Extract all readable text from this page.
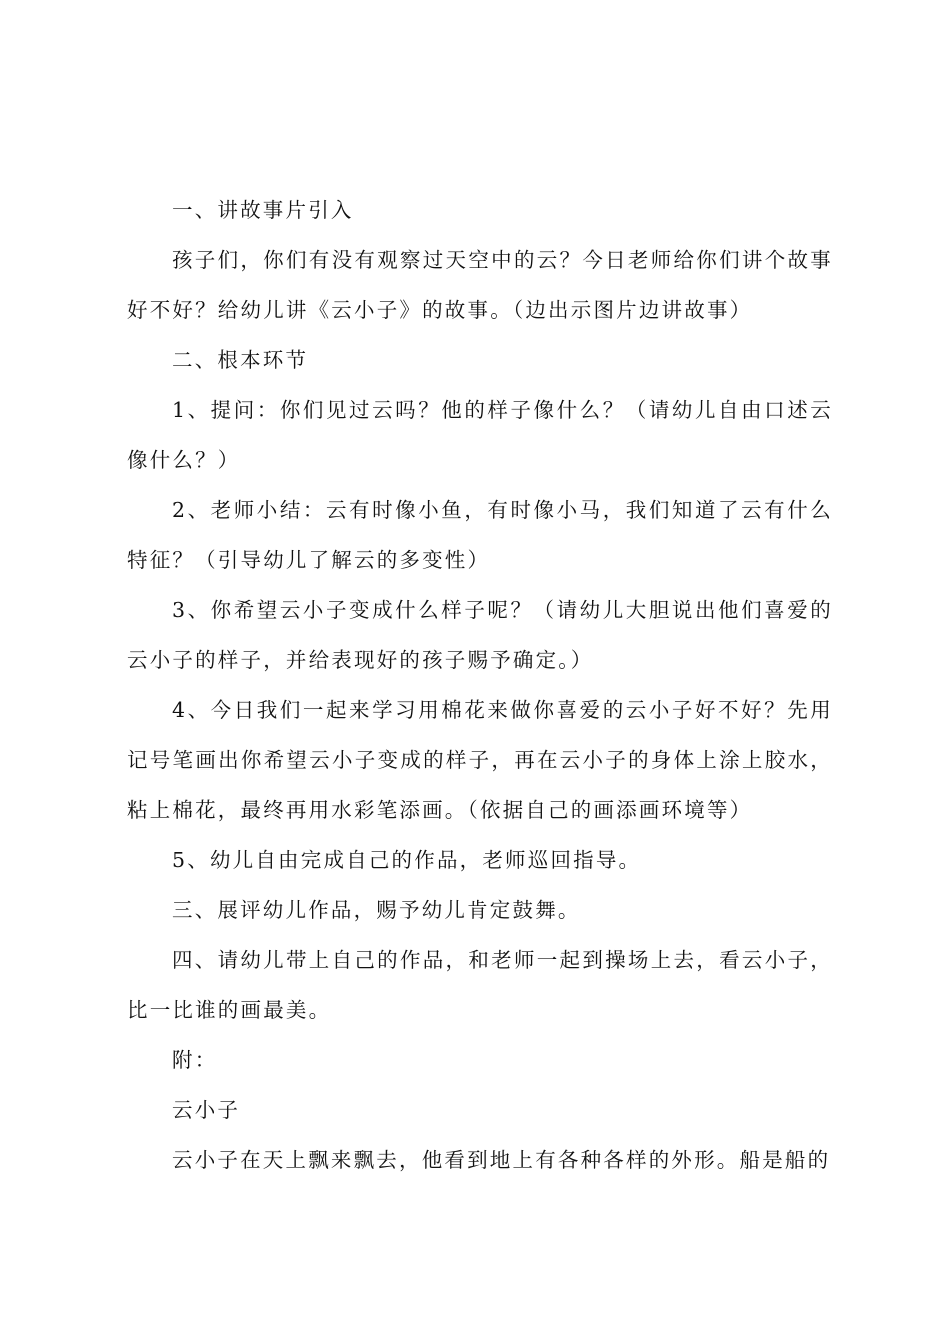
一、讲故事片引入

孩子们，你们有没有观察过天空中的云？今日老师给你们讲个故事好不好？给幼儿讲《云小子》的故事。（边出示图片边讲故事）

二、根本环节

1、提问：你们见过云吗？他的样子像什么？（请幼儿自由口述云像什么？）

2、老师小结：云有时像小鱼，有时像小马，我们知道了云有什么特征？（引导幼儿了解云的多变性）

3、你希望云小子变成什么样子呢？（请幼儿大胆说出他们喜爱的云小子的样子，并给表现好的孩子赐予确定。）

4、今日我们一起来学习用棉花来做你喜爱的云小子好不好？先用记号笔画出你希望云小子变成的样子，再在云小子的身体上涂上胶水，粘上棉花，最终再用水彩笔添画。（依据自己的画添画环境等）

5、幼儿自由完成自己的作品，老师巡回指导。

三、展评幼儿作品，赐予幼儿肯定鼓舞。

四、请幼儿带上自己的作品，和老师一起到操场上去，看云小子，比一比谁的画最美。

附：

云小子

云小子在天上飘来飘去，他看到地上有各种各样的外形。船是船的
